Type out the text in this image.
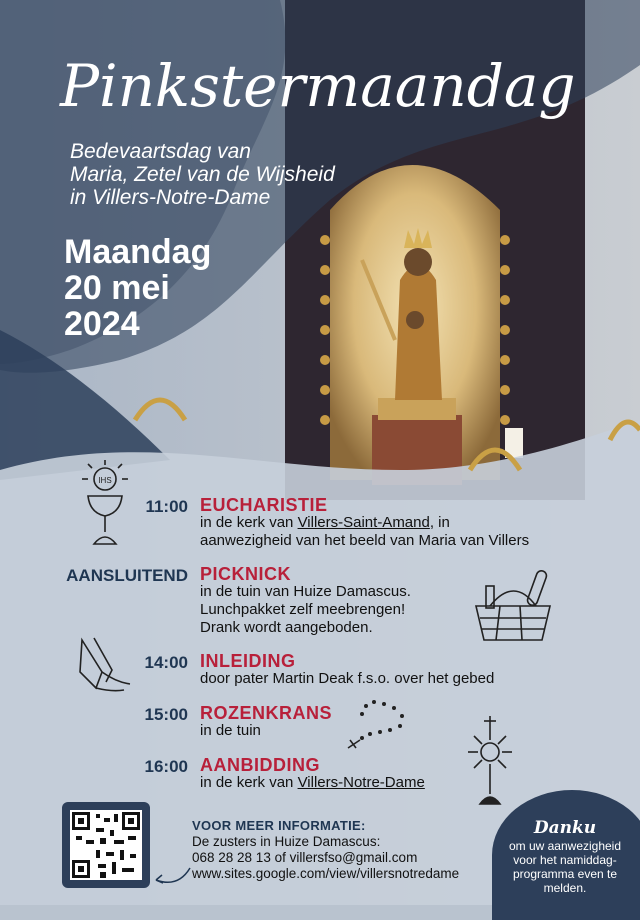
Pinkstermaandag
Bedevaartsdag van
Maria, Zetel van de Wijsheid
in Villers-Notre-Dame
Maandag
20 mei
2024
IHS
11:00 EUCHARISTIE
in de kerk van Villers-Saint-Amand, in
aanwezigheid van het beeld van Maria van Villers
AANSLUITEND PICKNICK
in de tuin van Huize Damascus.
Lunchpakket zelf meebrengen!
Drank wordt aangeboden.
14:00 INLEIDING
door pater Martin Deak f.s.o. over het gebed
15:00 ROZENKRANS
in de tuin
16:00 AANBIDDING
in de kerk van Villers-Notre-Dame
VOOR MEER INFORMATIE:
De zusters in Huize Damascus:
068 28 28 13 of villersfso@gmail.com
www.sites.google.com/view/villersnotredame
Danku
om uw aanwezigheid
voor het namiddag-
programma even te
melden.
